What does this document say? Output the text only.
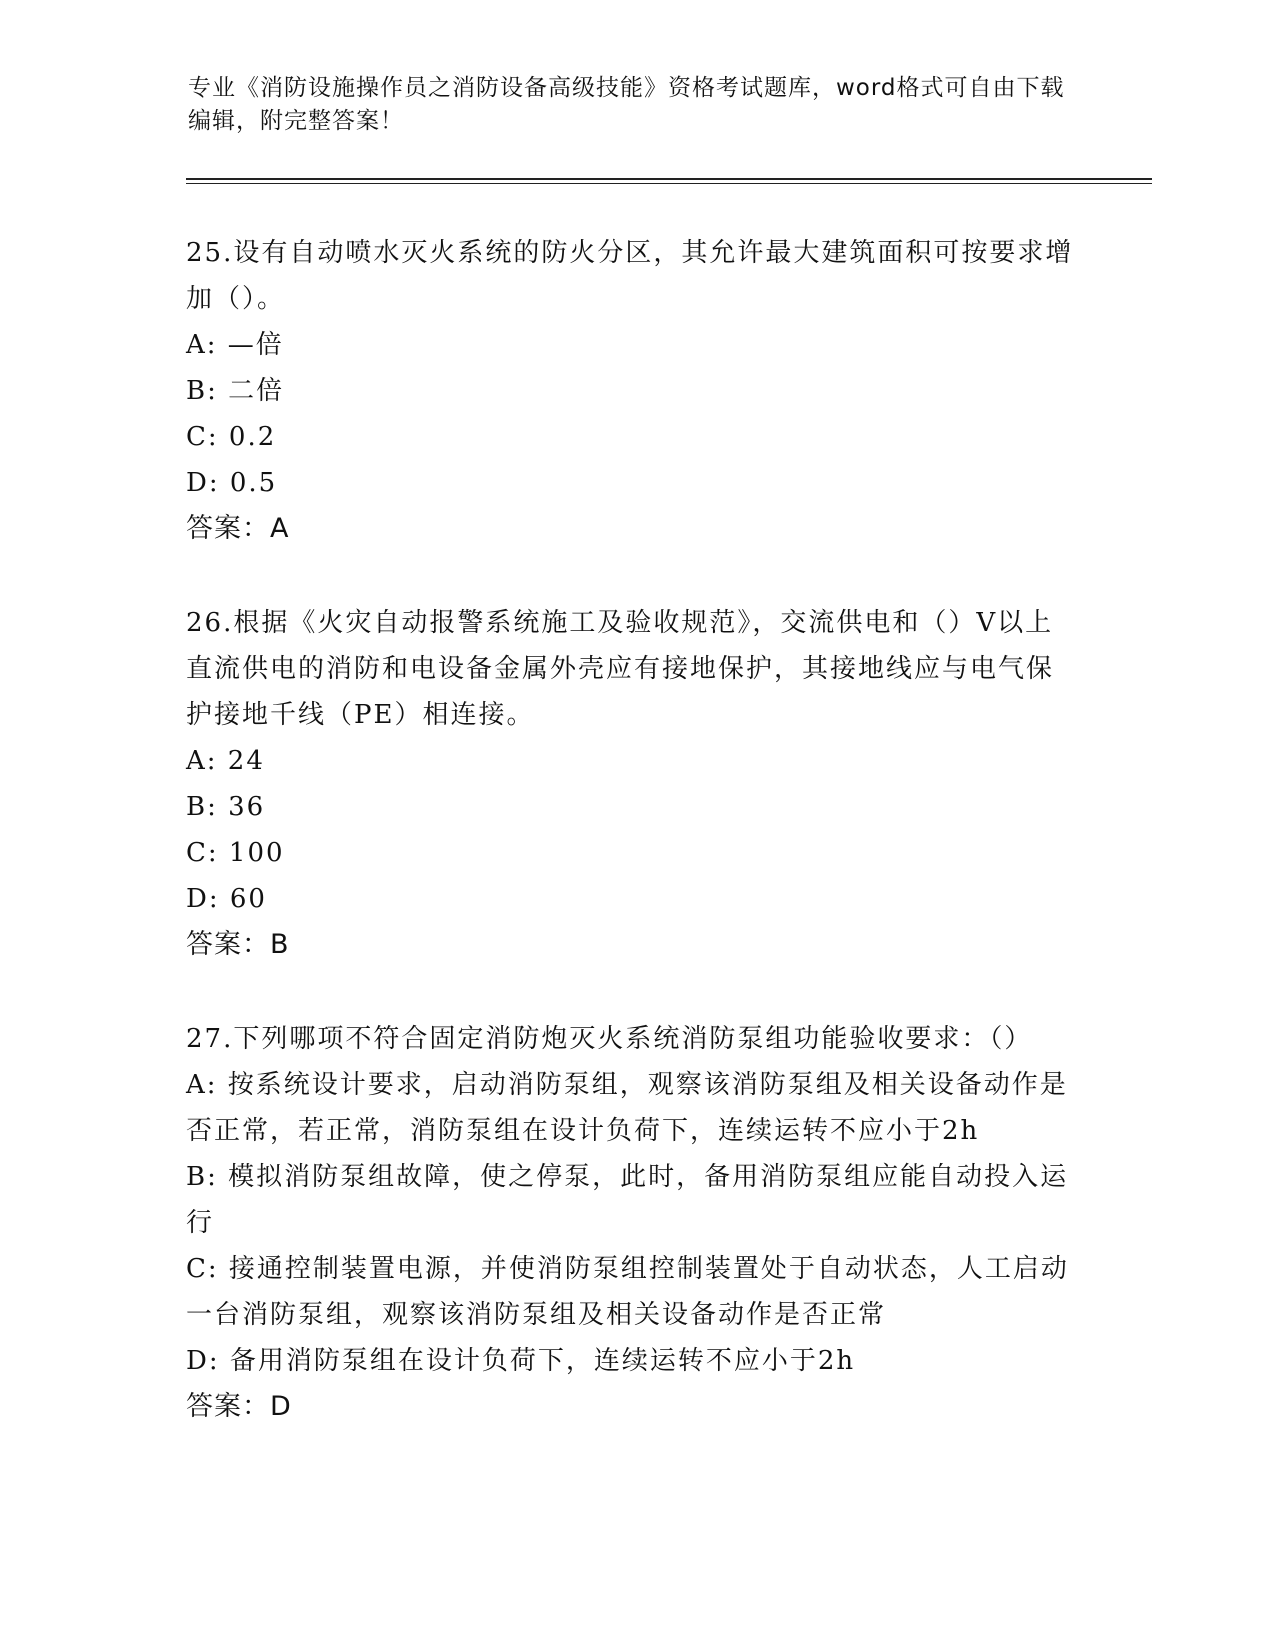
专业《消防设施操作员之消防设备高级技能》资格考试题库，word格式可自由下载编辑，附完整答案！
25.设有自动喷水灭火系统的防火分区，其允许最大建筑面积可按要求增加（）。
A: —倍
B: 二倍
C: 0.2
D: 0.5
答案：A
26.根据《火灾自动报警系统施工及验收规范》，交流供电和（）V以上直流供电的消防和电设备金属外壳应有接地保护，其接地线应与电气保护接地千线（PE）相连接。
A: 24
B: 36
C: 100
D: 60
答案：B
27.下列哪项不符合固定消防炮灭火系统消防泵组功能验收要求：（）
A: 按系统设计要求，启动消防泵组，观察该消防泵组及相关设备动作是否正常，若正常，消防泵组在设计负荷下，连续运转不应小于2h
B: 模拟消防泵组故障，使之停泵，此时，备用消防泵组应能自动投入运行
C: 接通控制装置电源，并使消防泵组控制装置处于自动状态，人工启动一台消防泵组，观察该消防泵组及相关设备动作是否正常
D: 备用消防泵组在设计负荷下，连续运转不应小于2h
答案：D
